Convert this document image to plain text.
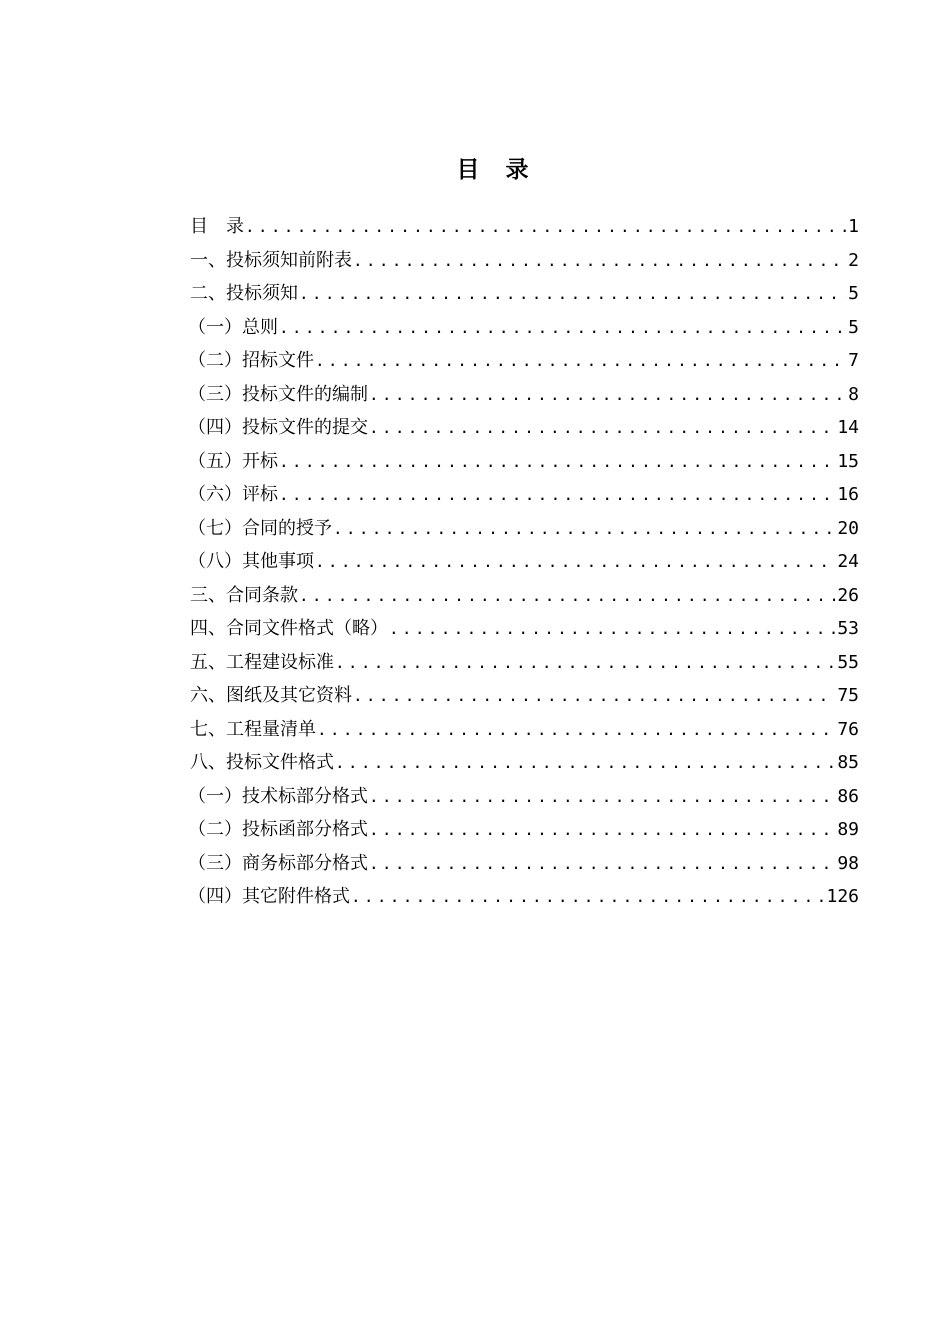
目 录
目　录 .....	1
一、投标须知前附表 .....	2
二、投标须知 .....	5
（一）总则 .....	5
（二）招标文件 .....	7
（三）投标文件的编制 .....	8
（四）投标文件的提交 .....	14
（五）开标 .....	15
（六）评标 .....	16
（七）合同的授予 .....	20
（八）其他事项 .....	24
三、合同条款 .....	26
四、合同文件格式（略） .....	53
五、工程建设标准 .....	55
六、图纸及其它资料 .....	75
七、工程量清单 .....	76
八、投标文件格式 .....	85
（一）技术标部分格式 .....	86
（二）投标函部分格式 .....	89
（三）商务标部分格式 .....	98
（四）其它附件格式 .....	126
